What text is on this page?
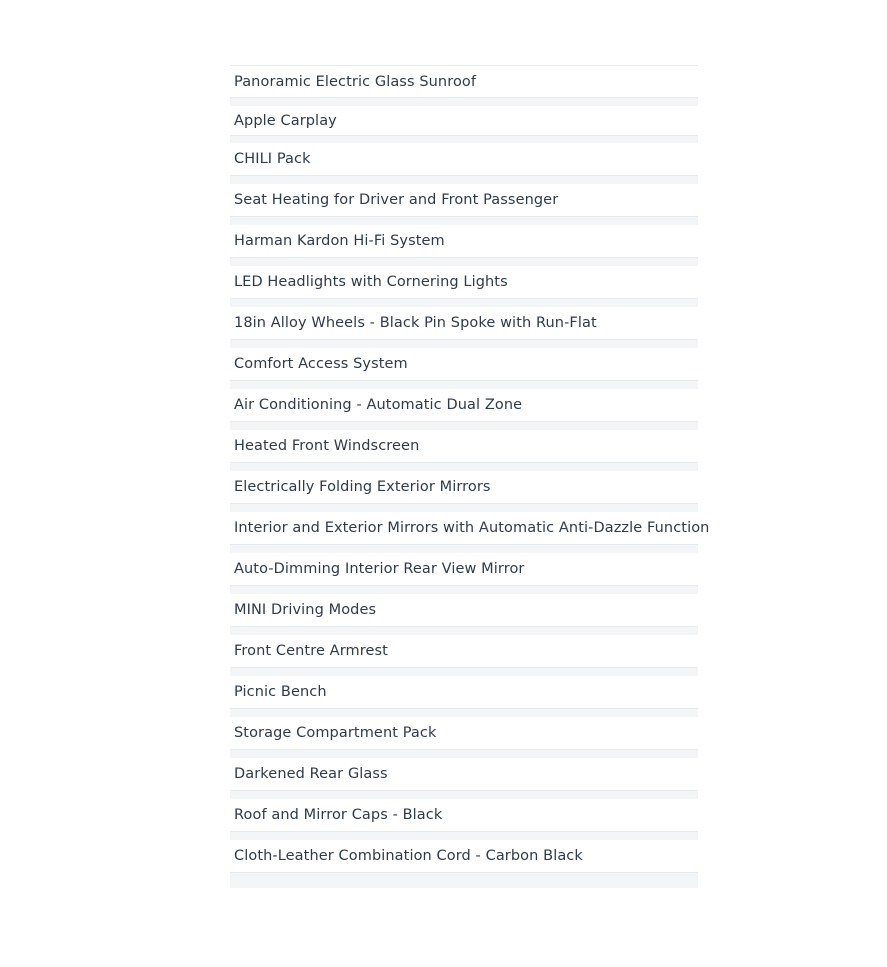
Panoramic Electric Glass Sunroof
Apple Carplay
CHILI Pack
Seat Heating for Driver and Front Passenger
Harman Kardon Hi-Fi System
LED Headlights with Cornering Lights
18in Alloy Wheels - Black Pin Spoke with Run-Flat
Comfort Access System
Air Conditioning - Automatic Dual Zone
Heated Front Windscreen
Electrically Folding Exterior Mirrors
Interior and Exterior Mirrors with Automatic Anti-Dazzle Function
Auto-Dimming Interior Rear View Mirror
MINI Driving Modes
Front Centre Armrest
Picnic Bench
Storage Compartment Pack
Darkened Rear Glass
Roof and Mirror Caps - Black
Cloth-Leather Combination Cord - Carbon Black
